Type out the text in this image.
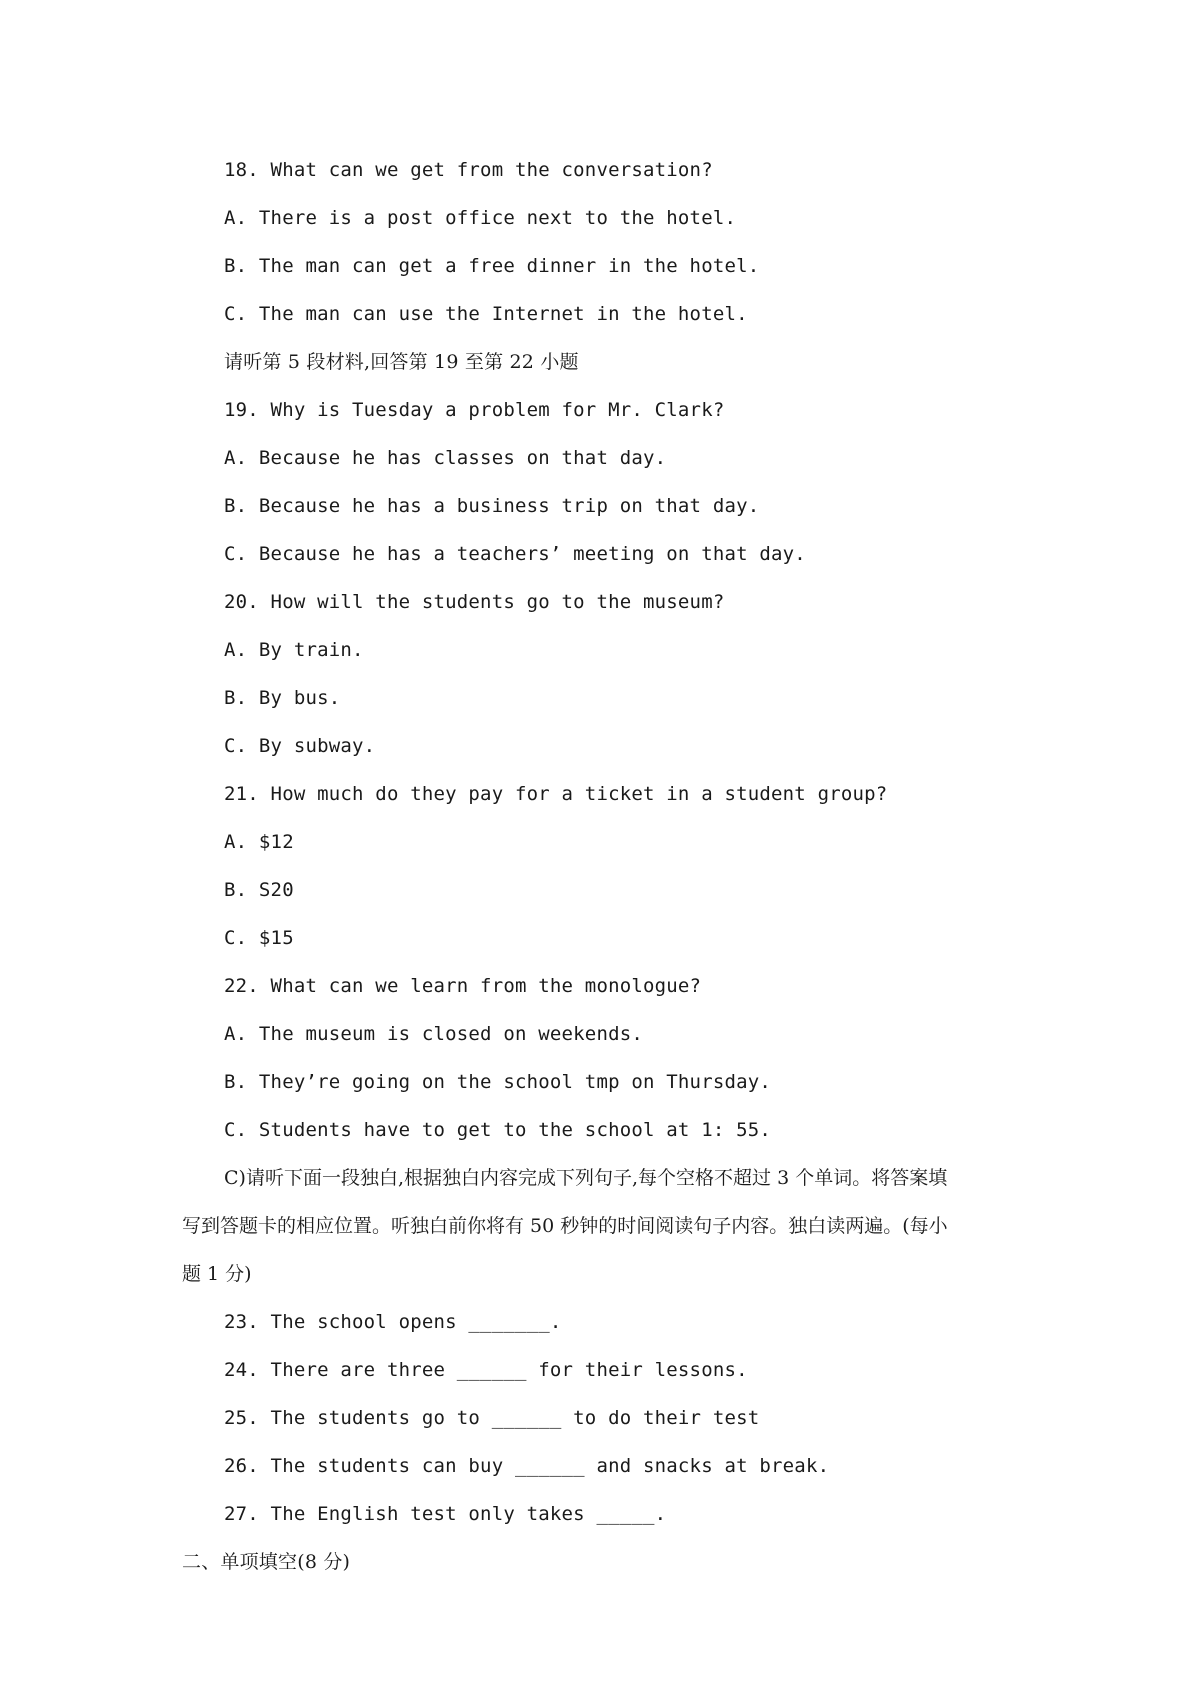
18. What can we get from the conversation?
A. There is a post office next to the hotel.
B. The man can get a free dinner in the hotel.
C. The man can use the Internet in the hotel.
请听第 5 段材料,回答第 19 至第 22 小题
19. Why is Tuesday a problem for Mr. Clark?
A. Because he has classes on that day.
B. Because he has a business trip on that day.
C. Because he has a teachers’ meeting on that day.
20. How will the students go to the museum?
A. By train.
B. By bus.
C. By subway.
21. How much do they pay for a ticket in a student group?
A. $12
B. S20
C. $15
22. What can we learn from the monologue?
A. The museum is closed on weekends.
B. They’re going on the school tmp on Thursday.
C. Students have to get to the school at 1: 55.
C)请听下面一段独白,根据独白内容完成下列句子,每个空格不超过 3 个单词。将答案填
写到答题卡的相应位置。听独白前你将有 50 秒钟的时间阅读句子内容。独白读两遍。(每小
题 1 分)
23. The school opens _______.
24. There are three ______ for their lessons.
25. The students go to ______ to do their test
26. The students can buy ______ and snacks at break.
27. The English test only takes _____.
二、单项填空(8 分)
